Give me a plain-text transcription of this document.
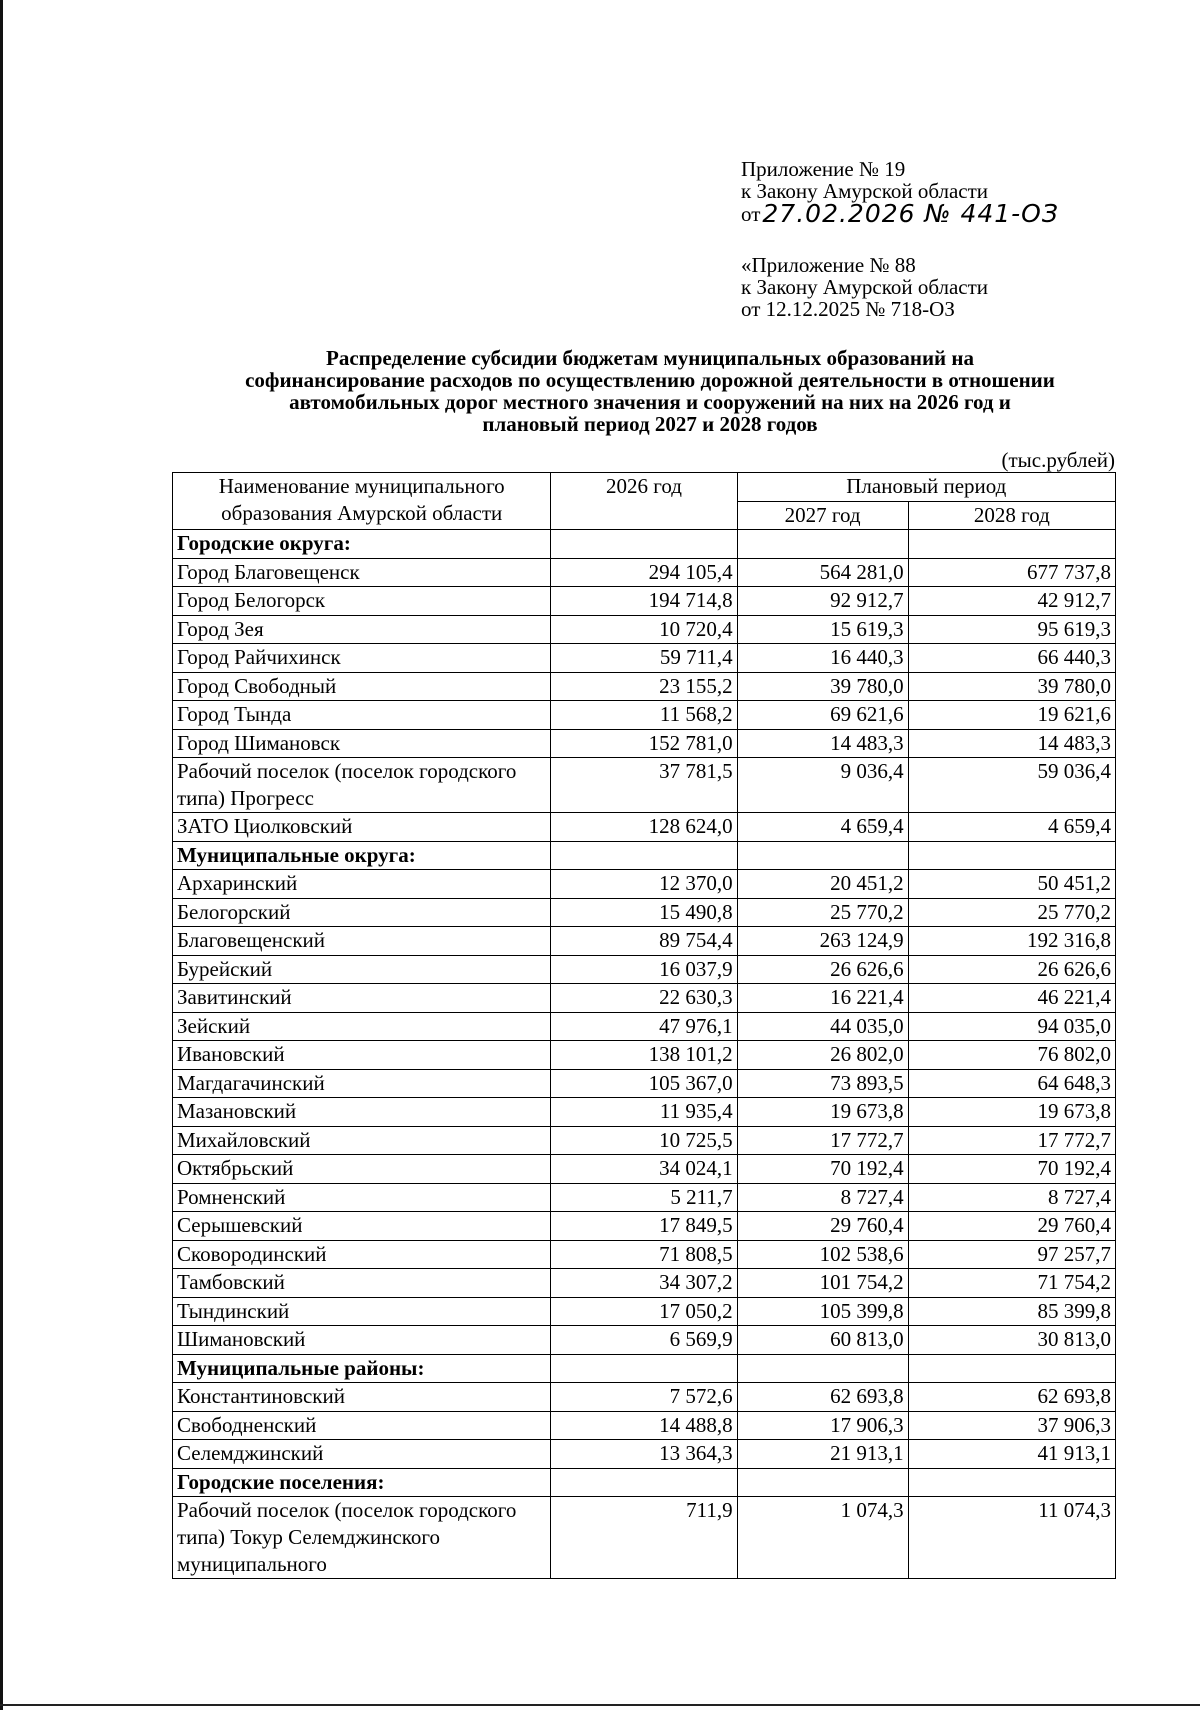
Приложение № 19
к Закону Амурской области
от27.02.2026 № 441-ОЗ
«Приложение № 88
к Закону Амурской области
от 12.12.2025 № 718-ОЗ
Распределение субсидии бюджетам муниципальных образований на
софинансирование расходов по осуществлению дорожной деятельности в отношении
автомобильных дорог местного значения и сооружений на них на 2026 год и
плановый период 2027 и 2028 годов
(тыс.рублей)
Наименование муниципального
образования Амурской области	2026 год	Плановый период	
		2027 год	2028 год
Городские округа:			
Город Благовещенск	294 105,4	564 281,0	677 737,8
Город Белогорск	194 714,8	92 912,7	42 912,7
Город Зея	10 720,4	15 619,3	95 619,3
Город Райчихинск	59 711,4	16 440,3	66 440,3
Город Свободный	23 155,2	39 780,0	39 780,0
Город Тында	11 568,2	69 621,6	19 621,6
Город Шимановск	152 781,0	14 483,3	14 483,3
Рабочий поселок (поселок городского типа) Прогресс	37 781,5	9 036,4	59 036,4
ЗАТО Циолковский	128 624,0	4 659,4	4 659,4
Муниципальные округа:			
Архаринский	12 370,0	20 451,2	50 451,2
Белогорский	15 490,8	25 770,2	25 770,2
Благовещенский	89 754,4	263 124,9	192 316,8
Бурейский	16 037,9	26 626,6	26 626,6
Завитинский	22 630,3	16 221,4	46 221,4
Зейский	47 976,1	44 035,0	94 035,0
Ивановский	138 101,2	26 802,0	76 802,0
Магдагачинский	105 367,0	73 893,5	64 648,3
Мазановский	11 935,4	19 673,8	19 673,8
Михайловский	10 725,5	17 772,7	17 772,7
Октябрьский	34 024,1	70 192,4	70 192,4
Ромненский	5 211,7	8 727,4	8 727,4
Серышевский	17 849,5	29 760,4	29 760,4
Сковородинский	71 808,5	102 538,6	97 257,7
Тамбовский	34 307,2	101 754,2	71 754,2
Тындинский	17 050,2	105 399,8	85 399,8
Шимановский	6 569,9	60 813,0	30 813,0
Муниципальные районы:			
Константиновский	7 572,6	62 693,8	62 693,8
Свободненский	14 488,8	17 906,3	37 906,3
Селемджинский	13 364,3	21 913,1	41 913,1
Городские поселения:			
Рабочий поселок (поселок городского типа) Токур Селемджинского муниципального	711,9	1 074,3	11 074,3
